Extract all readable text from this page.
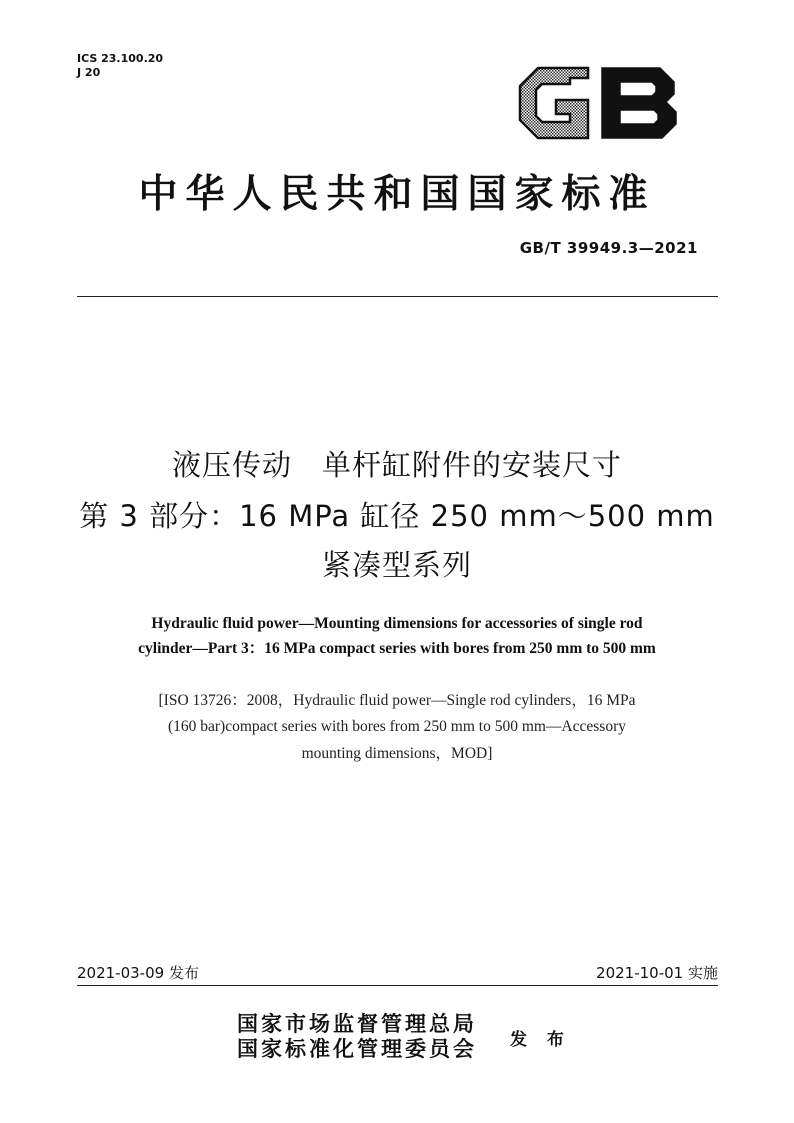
ICS 23.100.20
J 20
中华人民共和国国家标准
GB/T 39949.3—2021
液压传动　单杆缸附件的安装尺寸
第 3 部分：16 MPa 缸径 250 mm～500 mm
紧凑型系列
Hydraulic fluid power—Mounting dimensions for accessories of single rod
cylinder—Part 3：16 MPa compact series with bores from 250 mm to 500 mm
[ISO 13726：2008，Hydraulic fluid power—Single rod cylinders，16 MPa
(160 bar)compact series with bores from 250 mm to 500 mm—Accessory
mounting dimensions，MOD]
2021-03-09 发布	2021-10-01 实施
国家市场监督管理总局
国家标准化管理委员会 发 布
